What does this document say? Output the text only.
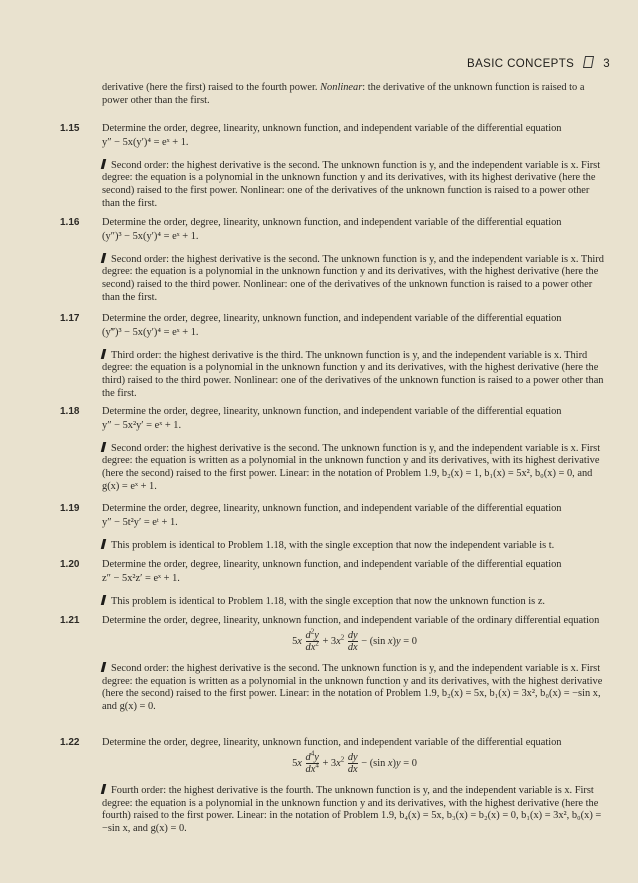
BASIC CONCEPTS	3
derivative (here the first) raised to the fourth power. Nonlinear: the derivative of the unknown function is raised to a power other than the first.
1.15 Determine the order, degree, linearity, unknown function, and independent variable of the differential equation

y″ − 5x(y′)⁴ = eˣ + 1.

Second order: the highest derivative is the second. The unknown function is y, and the independent variable is x. First degree: the equation is a polynomial in the unknown function y and its derivatives, with its highest derivative (here the second) raised to the first power. Nonlinear: one of the derivatives of the unknown function is raised to a power other than the first.

1.16 Determine the order, degree, linearity, unknown function, and independent variable of the differential equation

(y″)³ − 5x(y′)⁴ = eˣ + 1.

Second order: the highest derivative is the second. The unknown function is y, and the independent variable is x. Third degree: the equation is a polynomial in the unknown function y and its derivatives, with the highest derivative (here the second) raised to the third power. Nonlinear: one of the derivatives of the unknown function is raised to a power other than the first.

1.17 Determine the order, degree, linearity, unknown function, and independent variable of the differential equation

(y‴)³ − 5x(y′)⁴ = eˣ + 1.

Third order: the highest derivative is the third. The unknown function is y, and the independent variable is x. Third degree: the equation is a polynomial in the unknown function y and its derivatives, with the highest derivative (here the third) raised to the third power. Nonlinear: one of the derivatives of the unknown function is raised to a power other than the first.

1.18 Determine the order, degree, linearity, unknown function, and independent variable of the differential equation

y″ − 5x²y′ = eˣ + 1.

Second order: the highest derivative is the second. The unknown function is y, and the independent variable is x. First degree: the equation is written as a polynomial in the unknown function y and its derivatives, with its highest derivative (here the second) raised to the first power. Linear: in the notation of Problem 1.9, b₂(x) = 1, b₁(x) = 5x², b₀(x) = 0, and g(x) = eˣ + 1.

1.19 Determine the order, degree, linearity, unknown function, and independent variable of the differential equation

y″ − 5t²y′ = eᵗ + 1.

This problem is identical to Problem 1.18, with the single exception that now the independent variable is t.

1.20 Determine the order, degree, linearity, unknown function, and independent variable of the differential equation

z″ − 5x²z′ = eˣ + 1.

This problem is identical to Problem 1.18, with the single exception that now the unknown function is z.

1.21 Determine the order, degree, linearity, unknown function, and independent variable of the ordinary differential equation

$5x \frac{d^2y}{dx^2} + 3x^2 \frac{dy}{dx} - (\sin$ x)y = 0

Second order: the highest derivative is the second. The unknown function is y, and the independent variable is x. First degree: the equation is written as a polynomial in the unknown function y and its derivatives, with the highest derivative (here the second) raised to the first power. Linear: in the notation of Problem 1.9, b₂(x) = 5x, b₁(x) = 3x², b₀(x) = −sin x, and g(x) = 0.

1.22 Determine the order, degree, linearity, unknown function, and independent variable of the differential equation

$5x \frac{d^4y}{dx^4} + 3x^2 \frac{dy}{dx} - (\sin$ x)y = 0

Fourth order: the highest derivative is the fourth. The unknown function is y, and the independent variable is x. First degree: the equation is a polynomial in the unknown function y and its derivatives, with the highest derivative (here the fourth) raised to the first power. Linear: in the notation of Problem 1.9, b₄(x) = 5x, b₃(x) = b₂(x) = 0, b₁(x) = 3x², b₀(x) = −sin x, and g(x) = 0.
